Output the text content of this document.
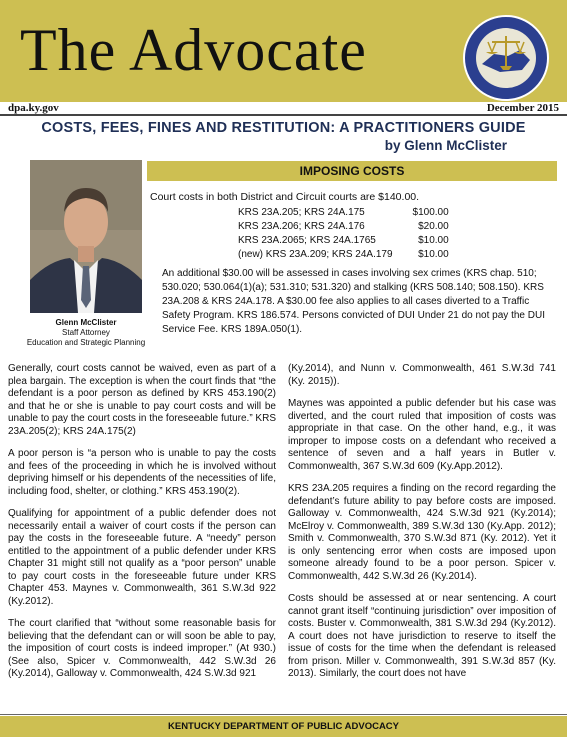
The Advocate
dpa.ky.gov	December 2015
COSTS, FEES, FINES AND RESTITUTION: A PRACTITIONERS GUIDE
by Glenn McClister
Glenn McClister
Staff Attorney
Education and Strategic Planning
IMPOSING COSTS
Court costs in both District and Circuit courts are $140.00.
KRS 23A.205; KRS 24A.175	$100.00
KRS 23A.206; KRS 24A.176	$20.00
KRS 23A.2065; KRS 24A.1765	$10.00
(new) KRS 23A.209; KRS 24A.179	$10.00
An additional $30.00 will be assessed in cases involving sex crimes (KRS chap. 510; 530.020; 530.064(1)(a); 531.310; 531.320) and stalking (KRS 508.140; 508.150). KRS 23A.208 & KRS 24A.178. A $30.00 fee also applies to all cases diverted to a Traffic Safety Program. KRS 186.574. Persons convicted of DUI Under 21 do not pay the DUI Service Fee. KRS 189A.050(1).

Generally, court costs cannot be waived, even as part of a plea bargain. The exception is when the court finds that “the defendant is a poor person as defined by KRS 453.190(2) and that he or she is unable to pay court costs and will be unable to pay the court costs in the foreseeable future.” KRS 23A.205(2); KRS 24A.175(2)

A poor person is “a person who is unable to pay the costs and fees of the proceeding in which he is involved without depriving himself or his dependents of the necessities of life, including food, shelter, or clothing.” KRS 453.190(2).

Qualifying for appointment of a public defender does not necessarily entail a waiver of court costs if the person can pay the costs in the foreseeable future. A “needy” person entitled to the appointment of a public defender under KRS Chapter 31 might still not qualify as a “poor person” unable to pay court costs in the foreseeable future under KRS Chapter 453. Maynes v. Commonwealth, 361 S.W.3d 922 (Ky.2012).

The court clarified that “without some reasonable basis for believing that the defendant can or will soon be able to pay, the imposition of court costs is indeed improper.” (At 930.) (See also, Spicer v. Commonwealth, 442 S.W.3d 26 (Ky.2014), Galloway v. Commonwealth, 424 S.W.3d 921

(Ky.2014), and Nunn v. Commonwealth, 461 S.W.3d 741 (Ky. 2015)).

Maynes was appointed a public defender but his case was diverted, and the court ruled that imposition of costs was appropriate in that case. On the other hand, e.g., it was improper to impose costs on a defendant who received a sentence of seven and a half years in Butler v. Commonwealth, 367 S.W.3d 609 (Ky.App.2012).

KRS 23A.205 requires a finding on the record regarding the defendant’s future ability to pay before costs are imposed. Galloway v. Commonwealth, 424 S.W.3d 921 (Ky.2014); McElroy v. Commonwealth, 389 S.W.3d 130 (Ky.App. 2012); Smith v. Commonwealth, 370 S.W.3d 871 (Ky. 2012). Yet it is only sentencing error when costs are imposed upon someone already found to be a poor person. Spicer v. Commonwealth, 442 S.W.3d 26 (Ky.2014).

Costs should be assessed at or near sentencing. A court cannot grant itself “continuing jurisdiction” over imposition of costs. Buster v. Commonwealth, 381 S.W.3d 294 (Ky.2012). A court does not have jurisdiction to reserve to itself the issue of costs for the time when the defendant is released from prison. Miller v. Commonwealth, 391 S.W.3d 857 (Ky. 2013). Similarly, the court does not have

KENTUCKY DEPARTMENT OF PUBLIC ADVOCACY
